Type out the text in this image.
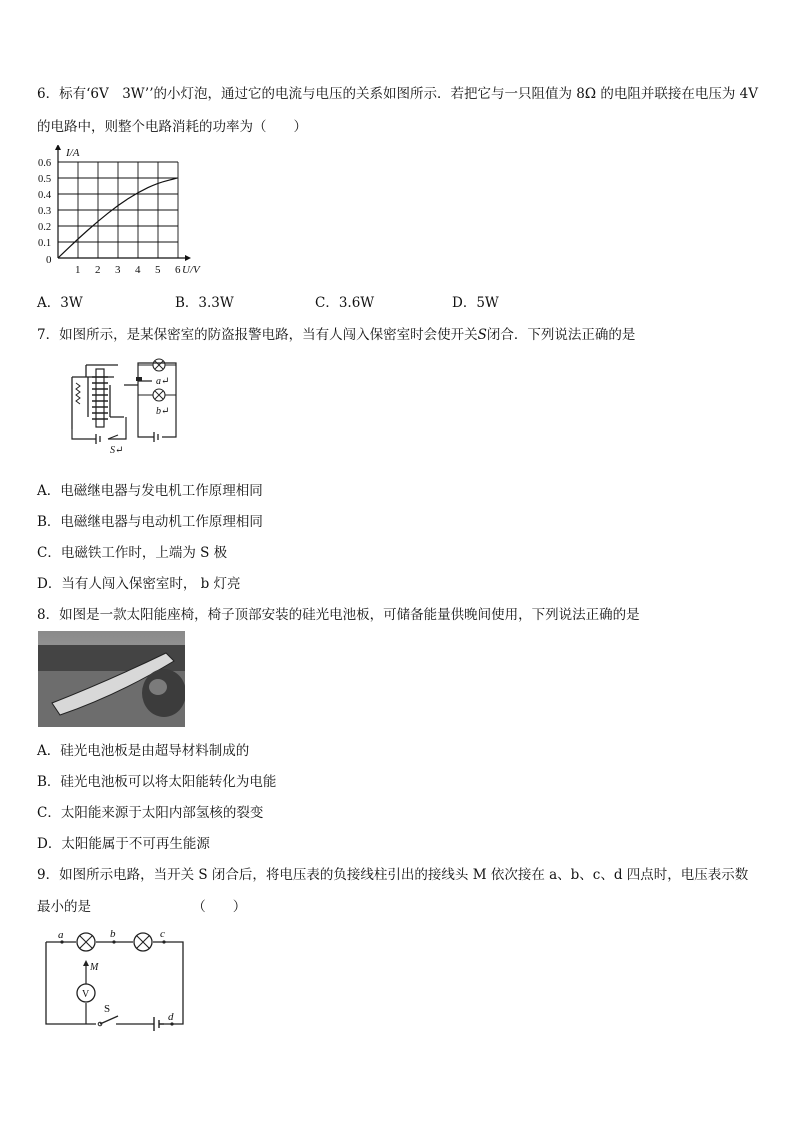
6．标有‘6V　3W’’的小灯泡，通过它的电流与电压的关系如图所示．若把它与一只阻值为 8Ω 的电阻并联接在电压为 4V
的电路中，则整个电路消耗的功率为（　　）
1 2 3 4 5 6
0.1
0.2
0.3
0.4
0.5
0.6
0
I/A
U/V
A．3W	B．3.3W	C．3.6W	D．5W
7．如图所示，是某保密室的防盗报警电路，当有人闯入保密室时会使开关S闭合．下列说法正确的是
S↵
a↵
b↵
A．电磁继电器与发电机工作原理相同
B．电磁继电器与电动机工作原理相同
C．电磁铁工作时，上端为 S 极
D．当有人闯入保密室时， b 灯亮
8．如图是一款太阳能座椅，椅子顶部安装的硅光电池板，可储备能量供晚间使用，下列说法正确的是
A．硅光电池板是由超导材料制成的
B．硅光电池板可以将太阳能转化为电能
C．太阳能来源于太阳内部氢核的裂变
D．太阳能属于不可再生能源
9．如图所示电路，当开关 S 闭合后，将电压表的负接线柱引出的接线头 M 依次接在 a、b、c、d 四点时，电压表示数
最小的是　　　　　　　　（　　）
a	b	c
d
M
V
S
